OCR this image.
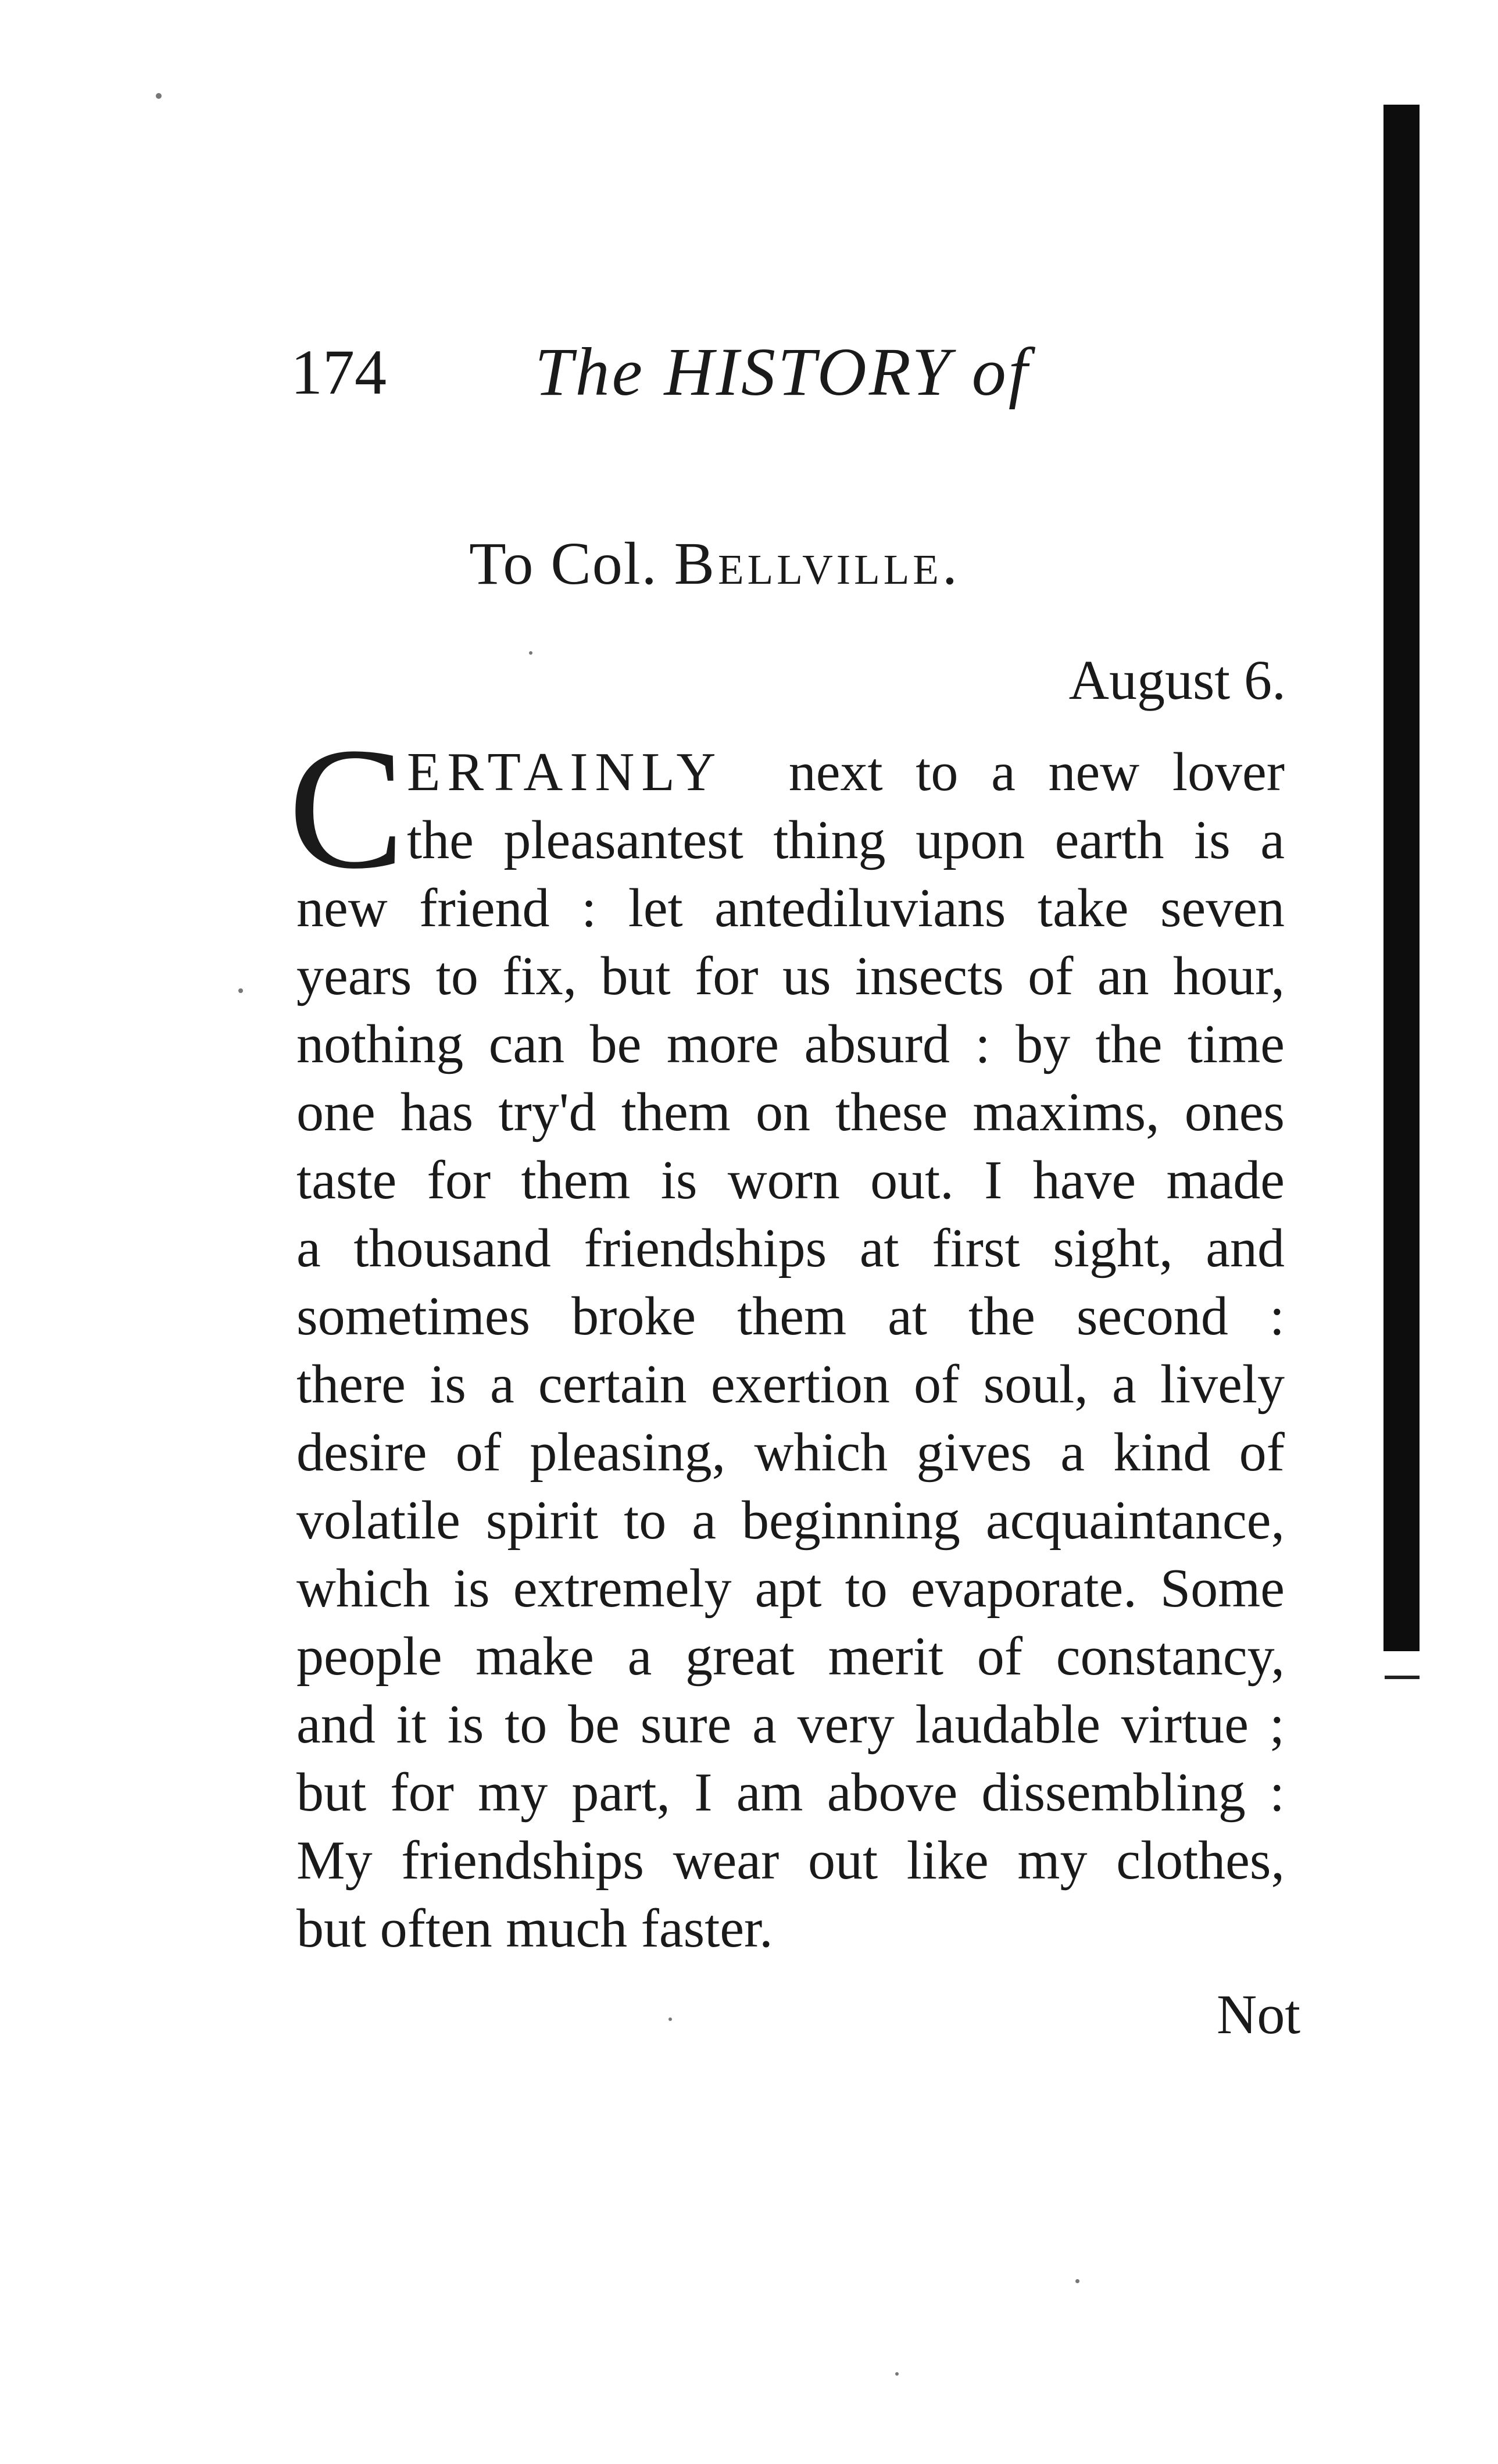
174 The HISTORY of
To Col. Bellville.
August 6.
C ERTAINLY next to a new lover
the pleasantest thing upon earth is a
new friend : let antediluvians take seven
years to fix, but for us insects of an hour,
nothing can be more absurd : by the time
one has try'd them on these maxims, ones
taste for them is worn out. I have made
a thousand friendships at first sight, and
sometimes broke them at the second :
there is a certain exertion of soul, a lively
desire of pleasing, which gives a kind of
volatile spirit to a beginning acquaintance,
which is extremely apt to evaporate. Some
people make a great merit of constancy,
and it is to be sure a very laudable virtue ;
but for my part, I am above dissembling :
My friendships wear out like my clothes,
but often much faster.
Not
